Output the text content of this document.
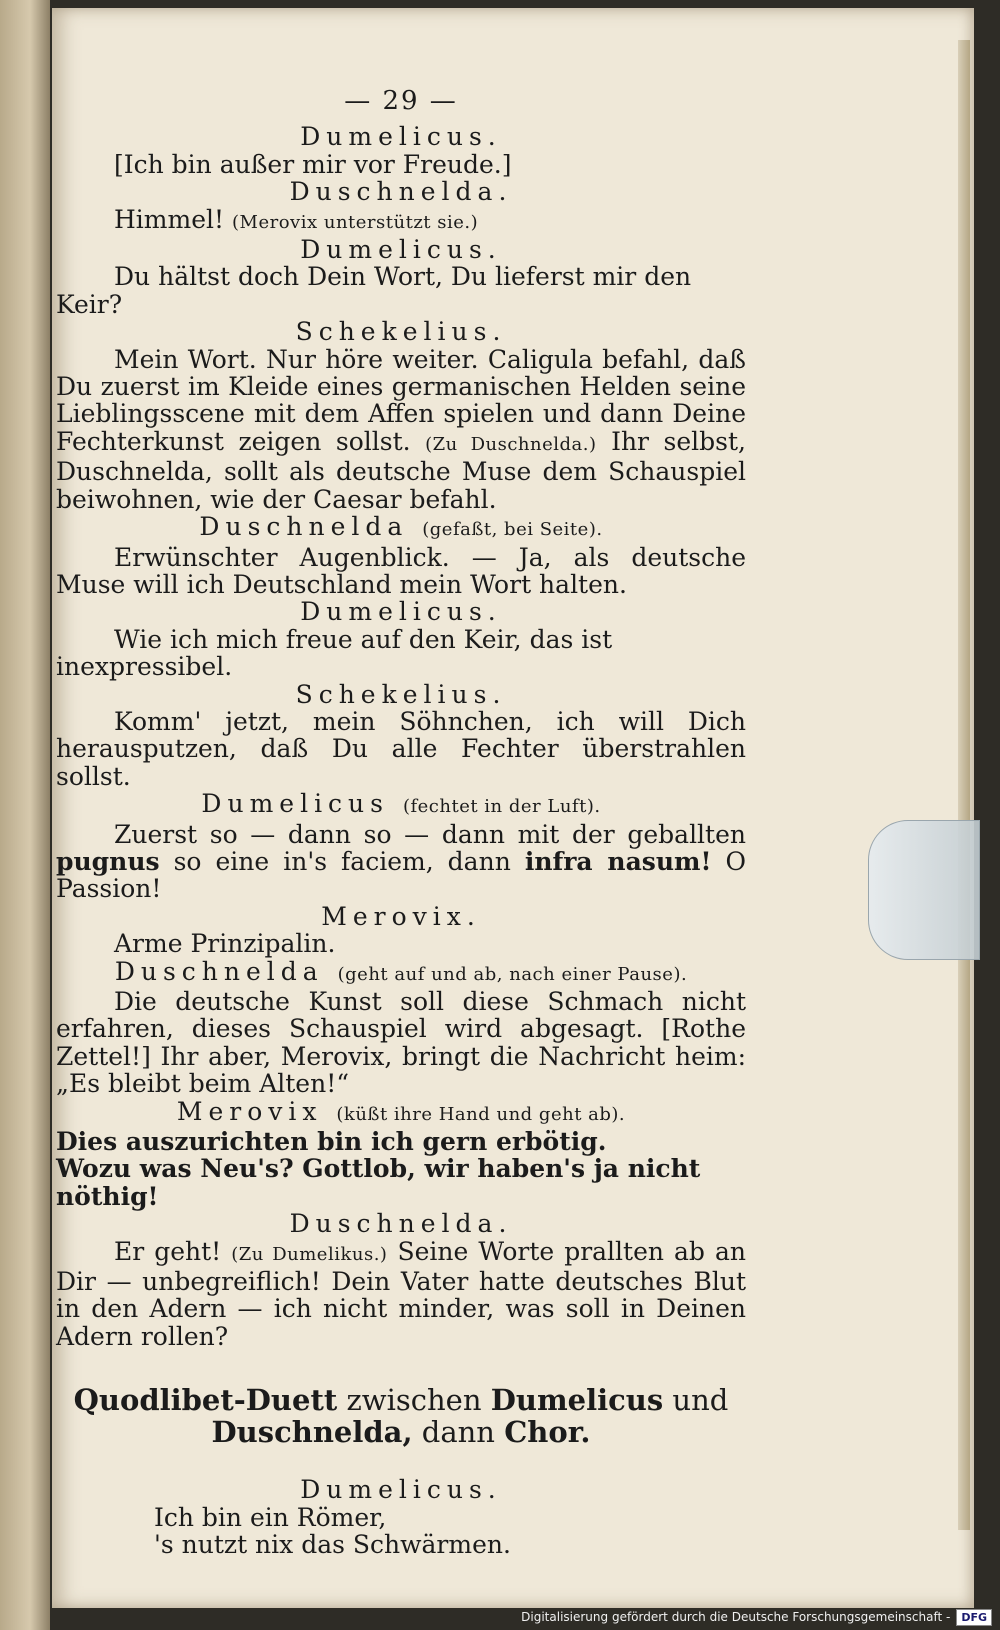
— 29 —
Dumelicus.
[Ich bin außer mir vor Freude.]
Duschnelda.
Himmel! (Merovix unterstützt sie.)
Dumelicus.
Du hältst doch Dein Wort, Du lieferst mir den Keir?
Schekelius.
Mein Wort. Nur höre weiter. Caligula befahl, daß Du zuerst im Kleide eines germanischen Helden seine Lieblingsscene mit dem Affen spielen und dann Deine Fechterkunst zeigen sollst. (Zu Duschnelda.) Ihr selbst, Duschnelda, sollt als deutsche Muse dem Schauspiel beiwohnen, wie der Caesar befahl.
Duschnelda (gefaßt, bei Seite).
Erwünschter Augenblick. — Ja, als deutsche Muse will ich Deutschland mein Wort halten.
Dumelicus.
Wie ich mich freue auf den Keir, das ist inexpressibel.
Schekelius.
Komm' jetzt, mein Söhnchen, ich will Dich herausputzen, daß Du alle Fechter überstrahlen sollst.
Dumelicus (fechtet in der Luft).
Zuerst so — dann so — dann mit der geballten pugnus so eine in's faciem, dann infra nasum! O Passion!
Merovix.
Arme Prinzipalin.
Duschnelda (geht auf und ab, nach einer Pause).
Die deutsche Kunst soll diese Schmach nicht erfahren, dieses Schauspiel wird abgesagt. [Rothe Zettel!] Ihr aber, Merovix, bringt die Nachricht heim: „Es bleibt beim Alten!“
Merovix (küßt ihre Hand und geht ab).
Dies auszurichten bin ich gern erbötig.
Wozu was Neu's? Gottlob, wir haben's ja nicht nöthig!
Duschnelda.
Er geht! (Zu Dumelikus.) Seine Worte prallten ab an Dir — unbegreiflich! Dein Vater hatte deutsches Blut in den Adern — ich nicht minder, was soll in Deinen Adern rollen?
Quodlibet-Duett zwischen Dumelicus und Duschnelda, dann Chor.
Dumelicus.
Ich bin ein Römer,
's nutzt nix das Schwärmen.
Digitalisierung gefördert durch die Deutsche Forschungsgemeinschaft -	DFG
